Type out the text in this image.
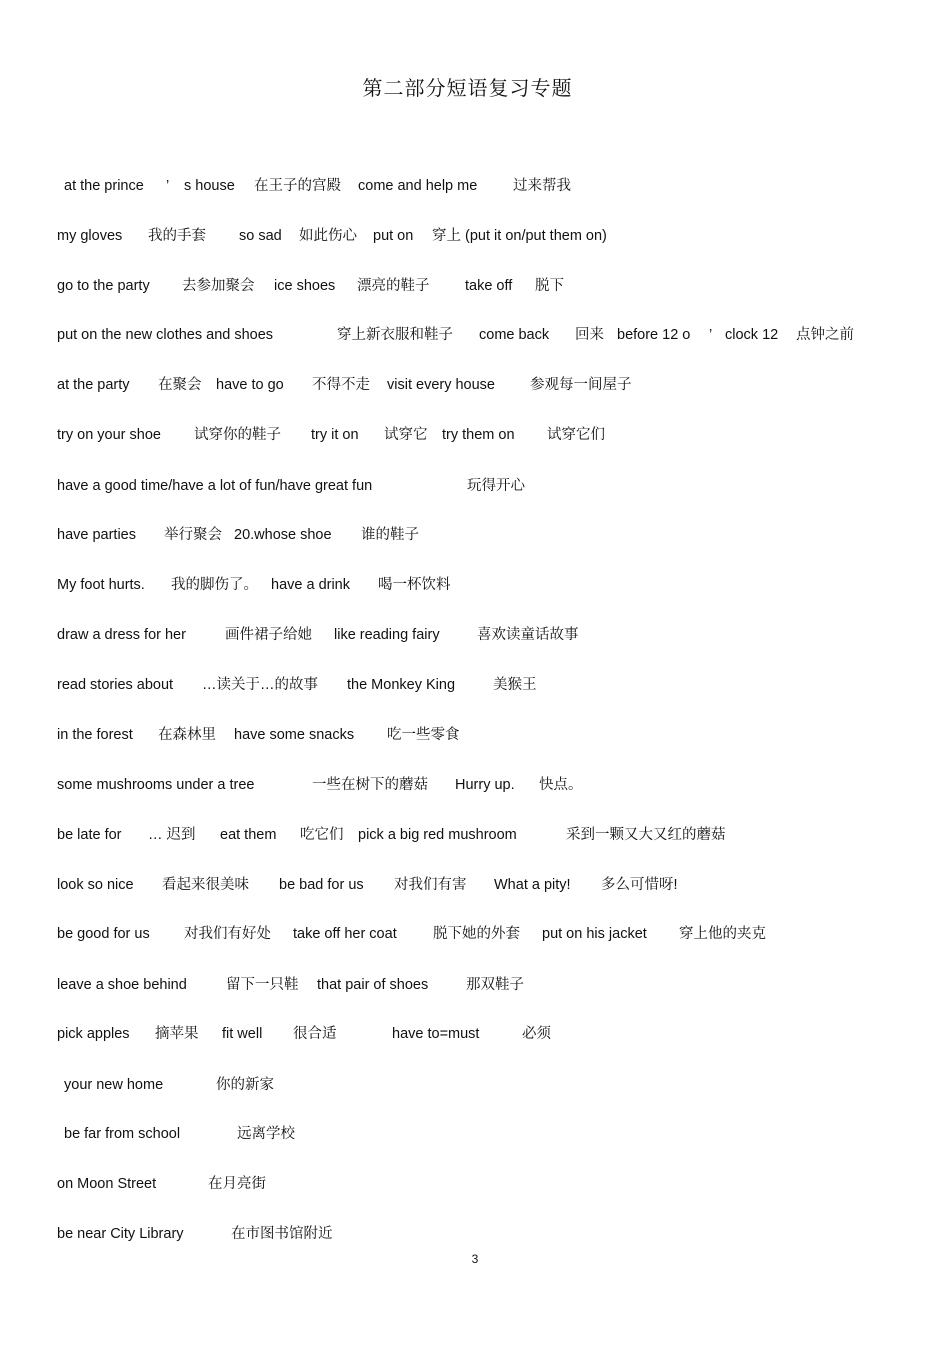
第二部分短语复习专题
at the prince ’ s house 在王子的宫殿 come and help me 过来帮我
my gloves 我的手套 so sad 如此伤心 put on 穿上 (put it on/put them on)
go to the party 去参加聚会 ice shoes 漂亮的鞋子 take off 脱下
put on the new clothes and shoes	穿上新衣服和鞋子 come back 回来 before 12 o ’ clock 12 点钟之前
at the party 在聚会 have to go 不得不走 visit every house 参观每一间屋子
try on your shoe 试穿你的鞋子 try it on 试穿它 try them on 试穿它们
have a good time/have a lot of fun/have great fun	玩得开心
have parties 举行聚会 20.whose shoe 谁的鞋子
My foot hurts. 我的脚伤了。 have a drink 喝一杯饮料
draw a dress for her	画件裙子给她 like reading fairy	喜欢读童话故事
read stories about …读关于…的故事 the Monkey King	美猴王
in the forest 在森林里 have some snacks 吃一些零食
some mushrooms under a tree	一些在树下的蘑菇 Hurry up. 快点。
be late for … 迟到 eat them 吃它们 pick a big red mushroom	采到一颗又大又红的蘑菇
look so nice 看起来很美味 be bad for us 对我们有害 What a pity! 多么可惜呀!
be good for us 对我们有好处 take off her coat	脱下她的外套 put on his jacket 穿上他的夹克
leave a shoe behind	留下一只鞋 that pair of shoes	那双鞋子
pick apples 摘苹果 fit well 很合适	have to=must	必须
your new home	你的新家
be far from school	远离学校
on Moon Street	在月亮街
be near City Library	在市图书馆附近
3
